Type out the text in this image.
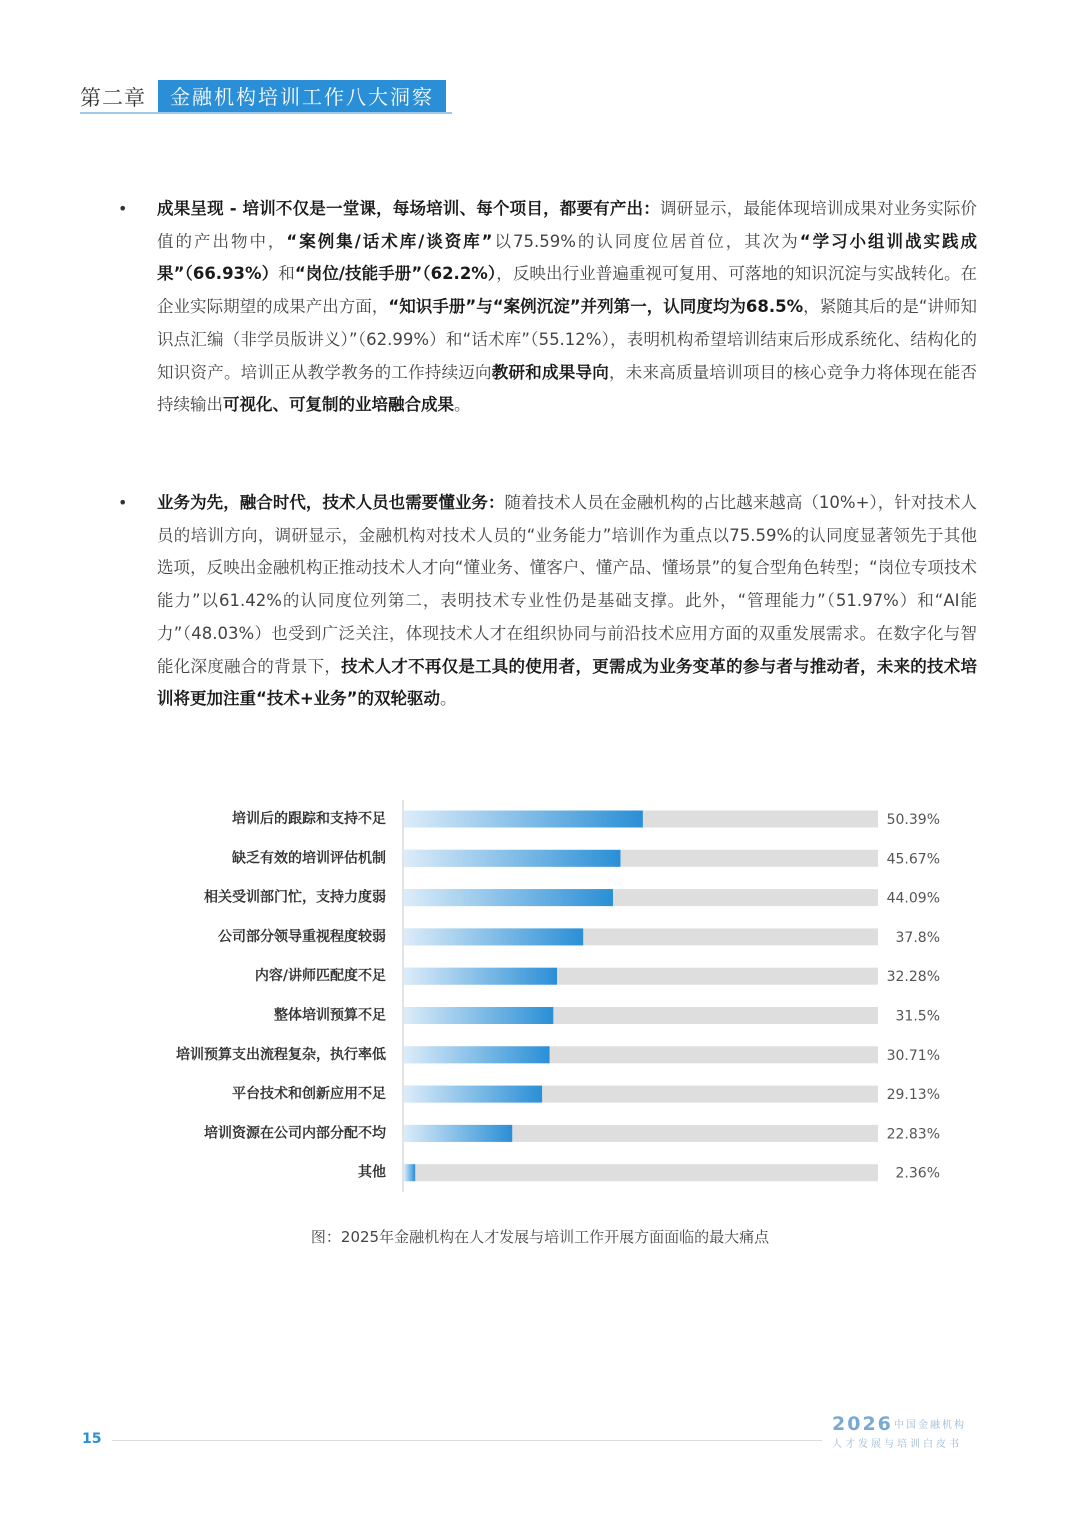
第二章	金融机构培训工作八大洞察
• 成果呈现 - 培训不仅是一堂课，每场培训、每个项目，都要有产出：调研显示，最能体现培训成果对业务实际价值的产出物中，“案例集/话术库/谈资库”以75.59%的认同度位居首位，其次为“学习小组训战实践成果”（66.93%）和“岗位/技能手册”（62.2%），反映出行业普遍重视可复用、可落地的知识沉淀与实战转化。在企业实际期望的成果产出方面，“知识手册”与“案例沉淀”并列第一，认同度均为68.5%，紧随其后的是“讲师知识点汇编（非学员版讲义）”（62.99%）和“话术库”（55.12%），表明机构希望培训结束后形成系统化、结构化的知识资产。培训正从教学教务的工作持续迈向教研和成果导向，未来高质量培训项目的核心竞争力将体现在能否持续输出可视化、可复制的业培融合成果。
• 业务为先，融合时代，技术人员也需要懂业务：随着技术人员在金融机构的占比越来越高（10%+），针对技术人员的培训方向，调研显示，金融机构对技术人员的“业务能力”培训作为重点以75.59%的认同度显著领先于其他选项，反映出金融机构正推动技术人才向“懂业务、懂客户、懂产品、懂场景”的复合型角色转型；“岗位专项技术能力”以61.42%的认同度位列第二，表明技术专业性仍是基础支撑。此外，“管理能力”（51.97%）和“AI能力”（48.03%）也受到广泛关注，体现技术人才在组织协同与前沿技术应用方面的双重发展需求。在数字化与智能化深度融合的背景下，技术人才不再仅是工具的使用者，更需成为业务变革的参与者与推动者，未来的技术培训将更加注重“技术+业务”的双轮驱动。
培训后的跟踪和支持不足	50.39%
缺乏有效的培训评估机制	45.67%
相关受训部门忙，支持力度弱	44.09%
公司部分领导重视程度较弱	37.8%
内容/讲师匹配度不足	32.28%
整体培训预算不足	31.5%
培训预算支出流程复杂，执行率低	30.71%
平台技术和创新应用不足	29.13%
培训资源在公司内部分配不均	22.83%
其他	2.36%
图：2025年金融机构在人才发展与培训工作开展方面面临的最大痛点
15
2026 中国金融机构
人才发展与培训白皮书
